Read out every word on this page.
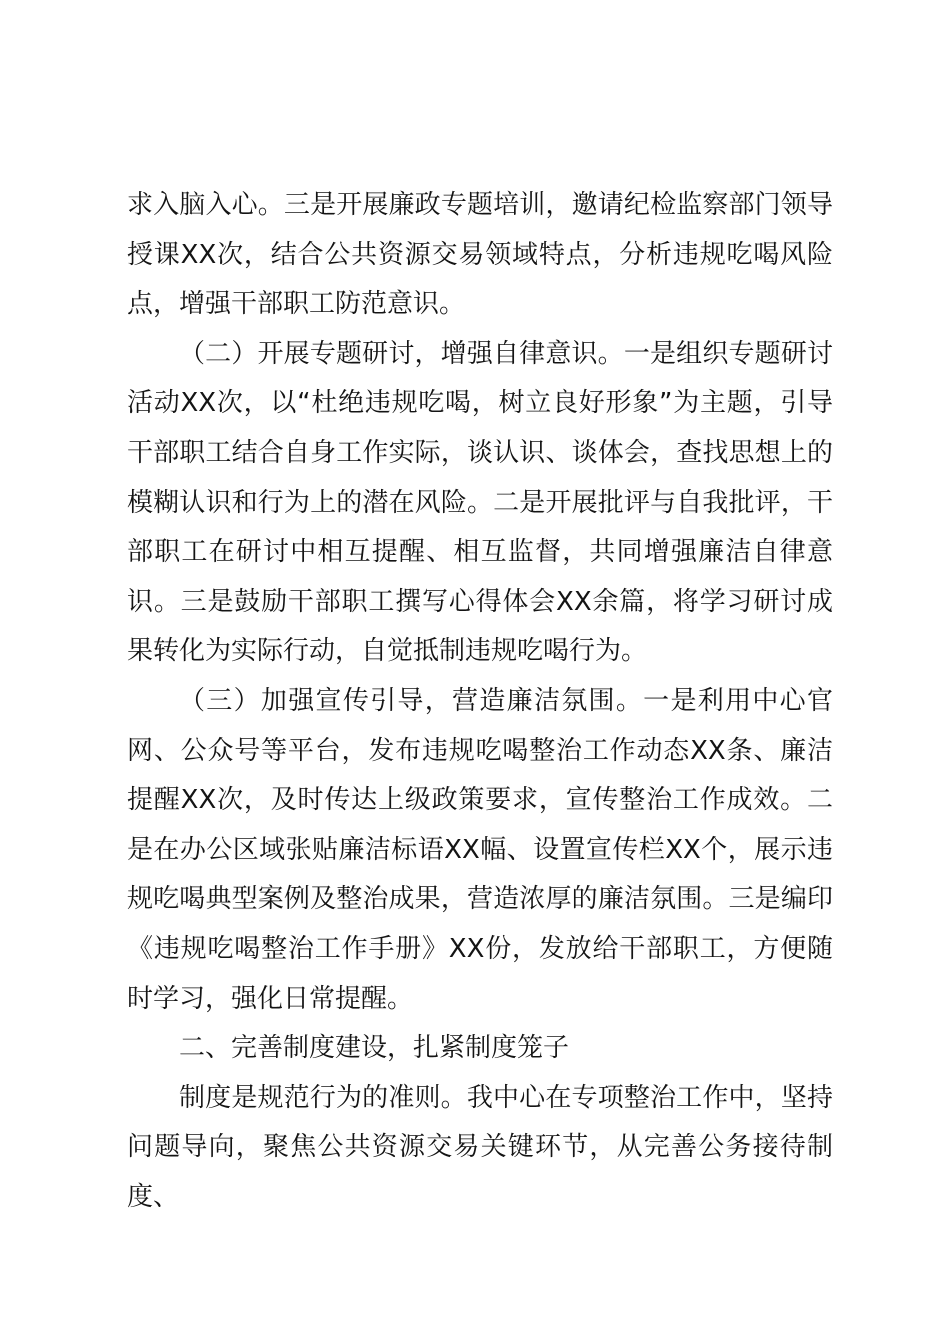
求入脑入心。三是开展廉政专题培训，邀请纪检监察部门领导授课XX次，结合公共资源交易领域特点，分析违规吃喝风险点，增强干部职工防范意识。

（二）开展专题研讨，增强自律意识。一是组织专题研讨活动XX次，以“杜绝违规吃喝，树立良好形象”为主题，引导干部职工结合自身工作实际，谈认识、谈体会，查找思想上的模糊认识和行为上的潜在风险。二是开展批评与自我批评，干部职工在研讨中相互提醒、相互监督，共同增强廉洁自律意识。三是鼓励干部职工撰写心得体会XX余篇，将学习研讨成果转化为实际行动，自觉抵制违规吃喝行为。

（三）加强宣传引导，营造廉洁氛围。一是利用中心官网、公众号等平台，发布违规吃喝整治工作动态XX条、廉洁提醒XX次，及时传达上级政策要求，宣传整治工作成效。二是在办公区域张贴廉洁标语XX幅、设置宣传栏XX个，展示违规吃喝典型案例及整治成果，营造浓厚的廉洁氛围。三是编印《违规吃喝整治工作手册》XX份，发放给干部职工，方便随时学习，强化日常提醒。

二、完善制度建设，扎紧制度笼子

制度是规范行为的准则。我中心在专项整治工作中，坚持问题导向，聚焦公共资源交易关键环节，从完善公务接待制度、
